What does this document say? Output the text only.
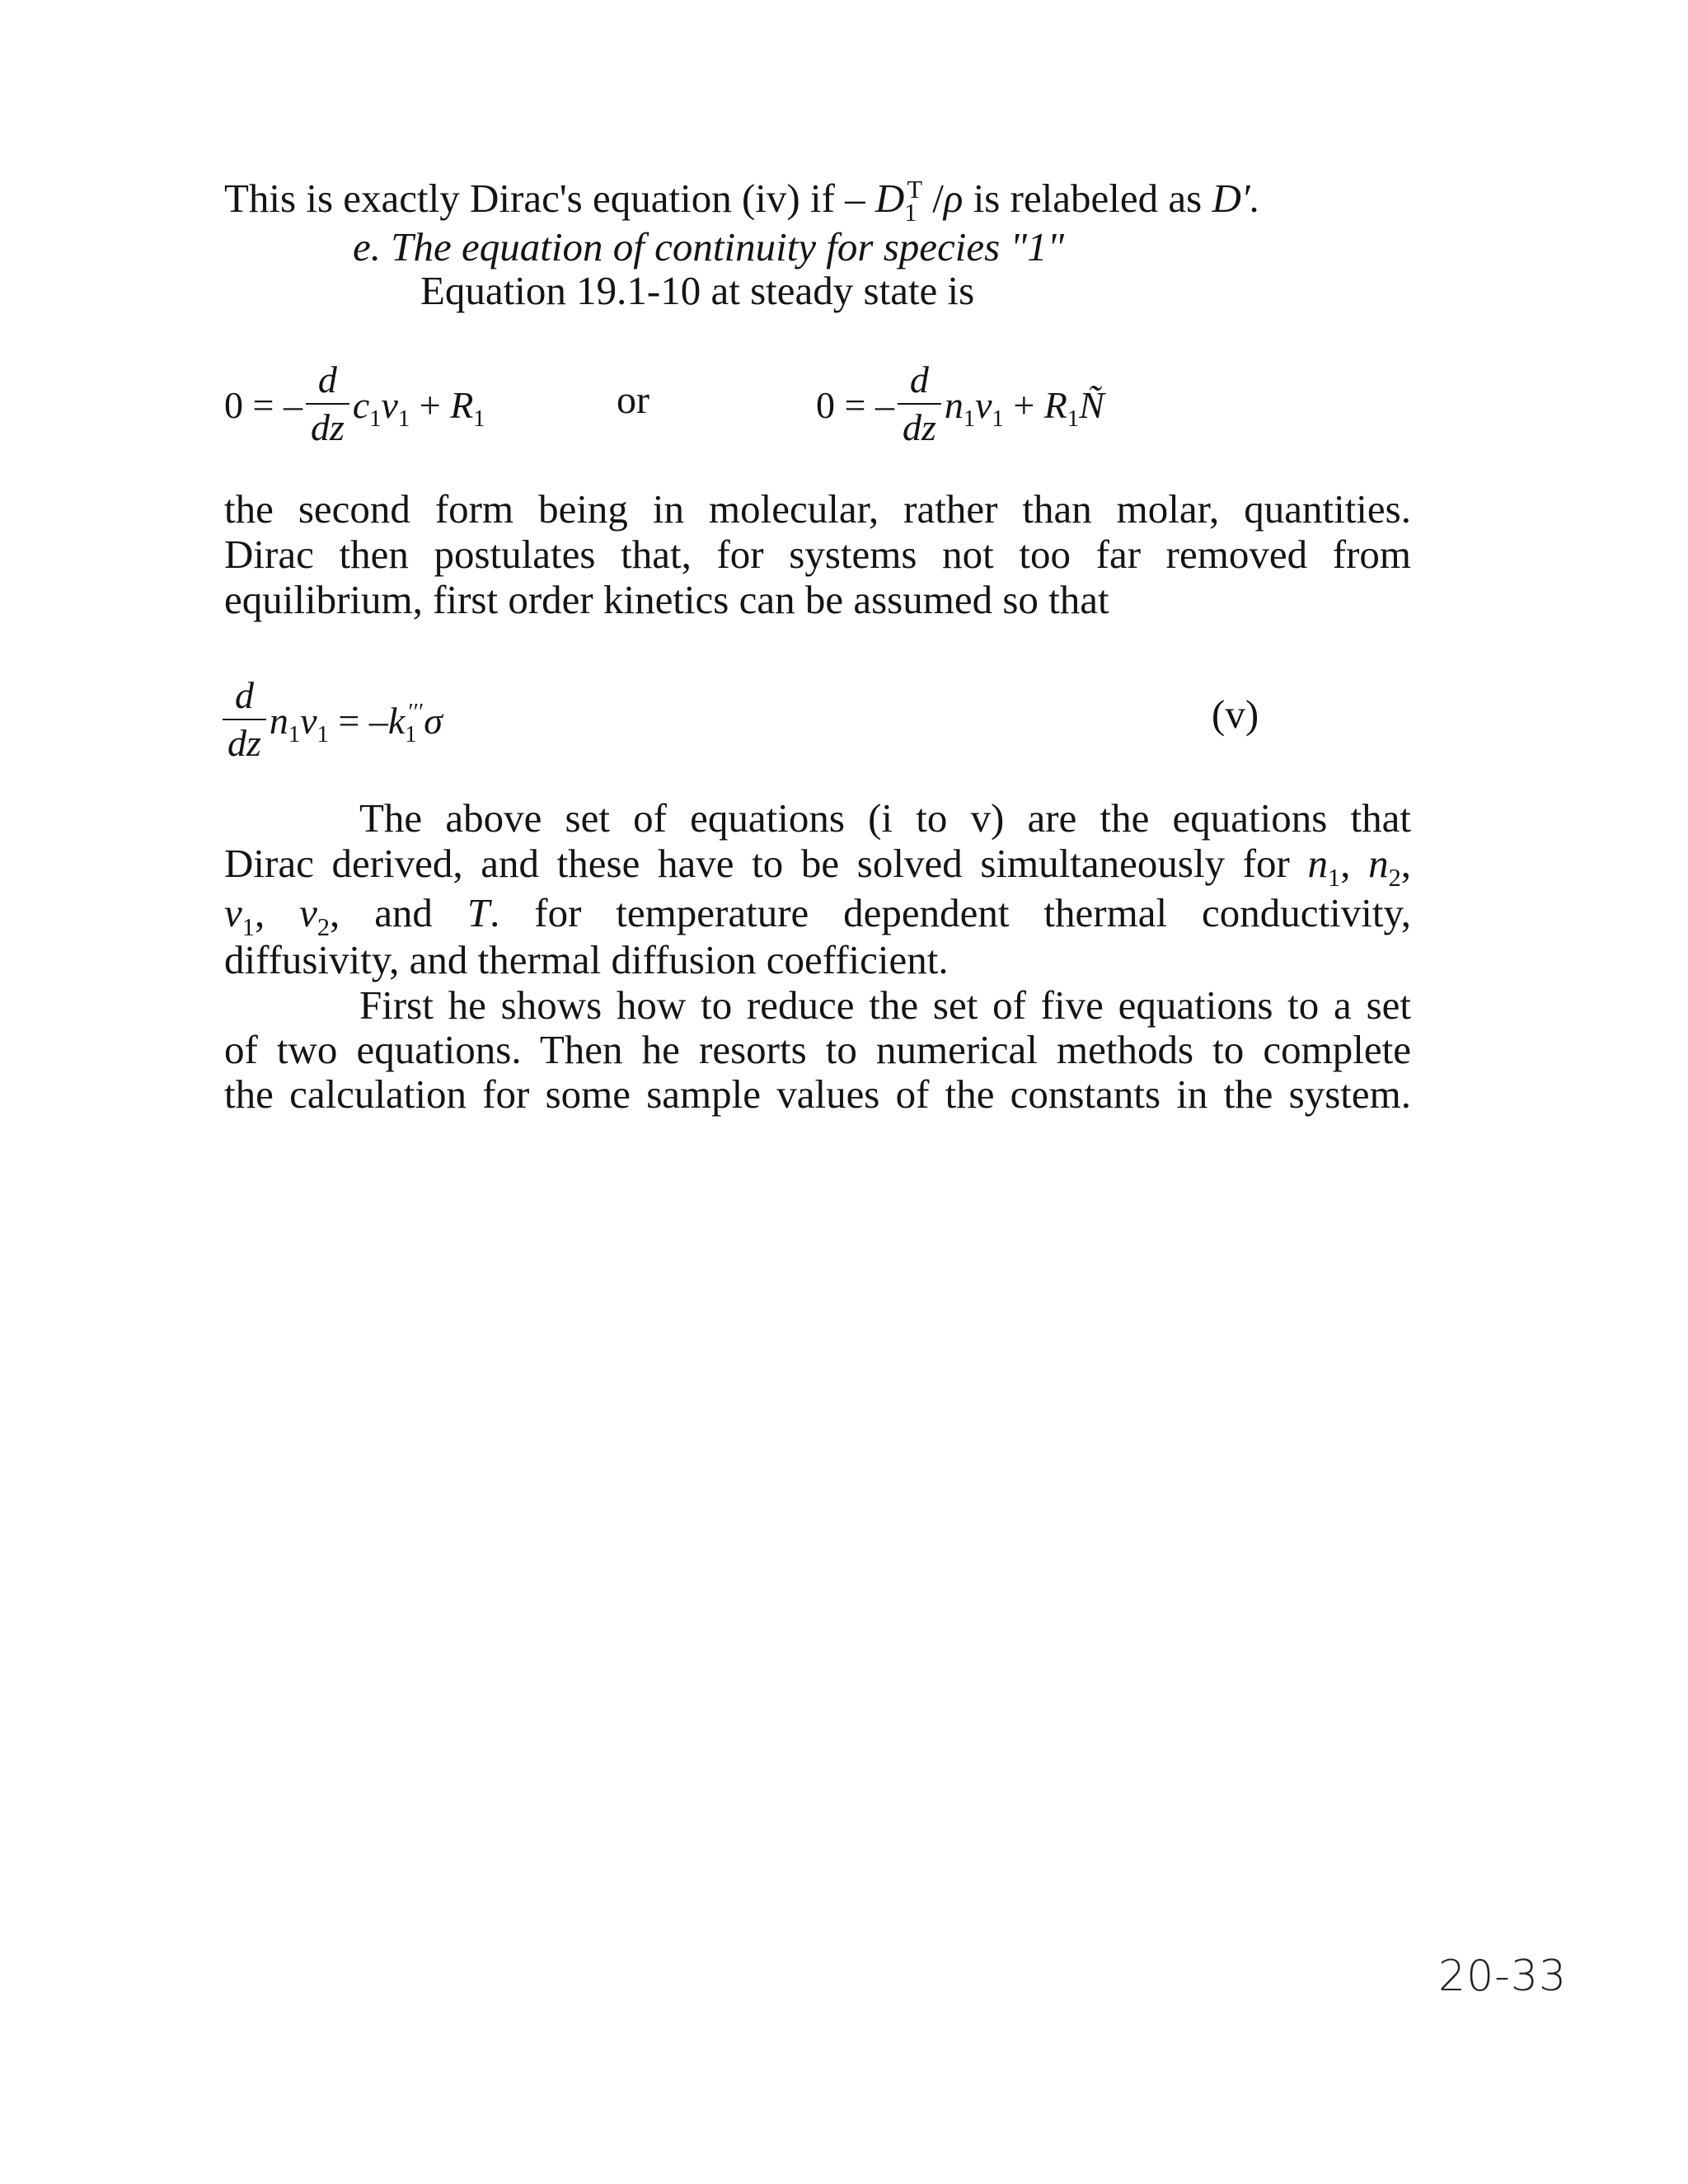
This is exactly Dirac's equation (iv) if – $D_1^T$ /ρ is relabeled as D′.
e. The equation of continuity for species "1"
Equation 19.1-10 at steady state is
0 = – $\frac{d}{dz} c_1v_1 + R_1$	or	0 = – $\frac{d}{dz} n_1v_1$ + $R_1Ñ$
the second form being in molecular, rather than molar, quantities.
Dirac then postulates that, for systems not too far removed from
equilibrium, first order kinetics can be assumed so that
$\frac{d}{dz} n_1v_1 = -k_1'''\sigma$	(v)
The above set of equations (i to v) are the equations that
Dirac derived, and these have to be solved simultaneously for $n_1$, $n_2$,
$v_1$, $v_2$, and T. for temperature dependent thermal conductivity,
diffusivity, and thermal diffusion coefficient.
First he shows how to reduce the set of five equations to a set
of two equations. Then he resorts to numerical methods to complete
the calculation for some sample values of the constants in the system.
20-33
